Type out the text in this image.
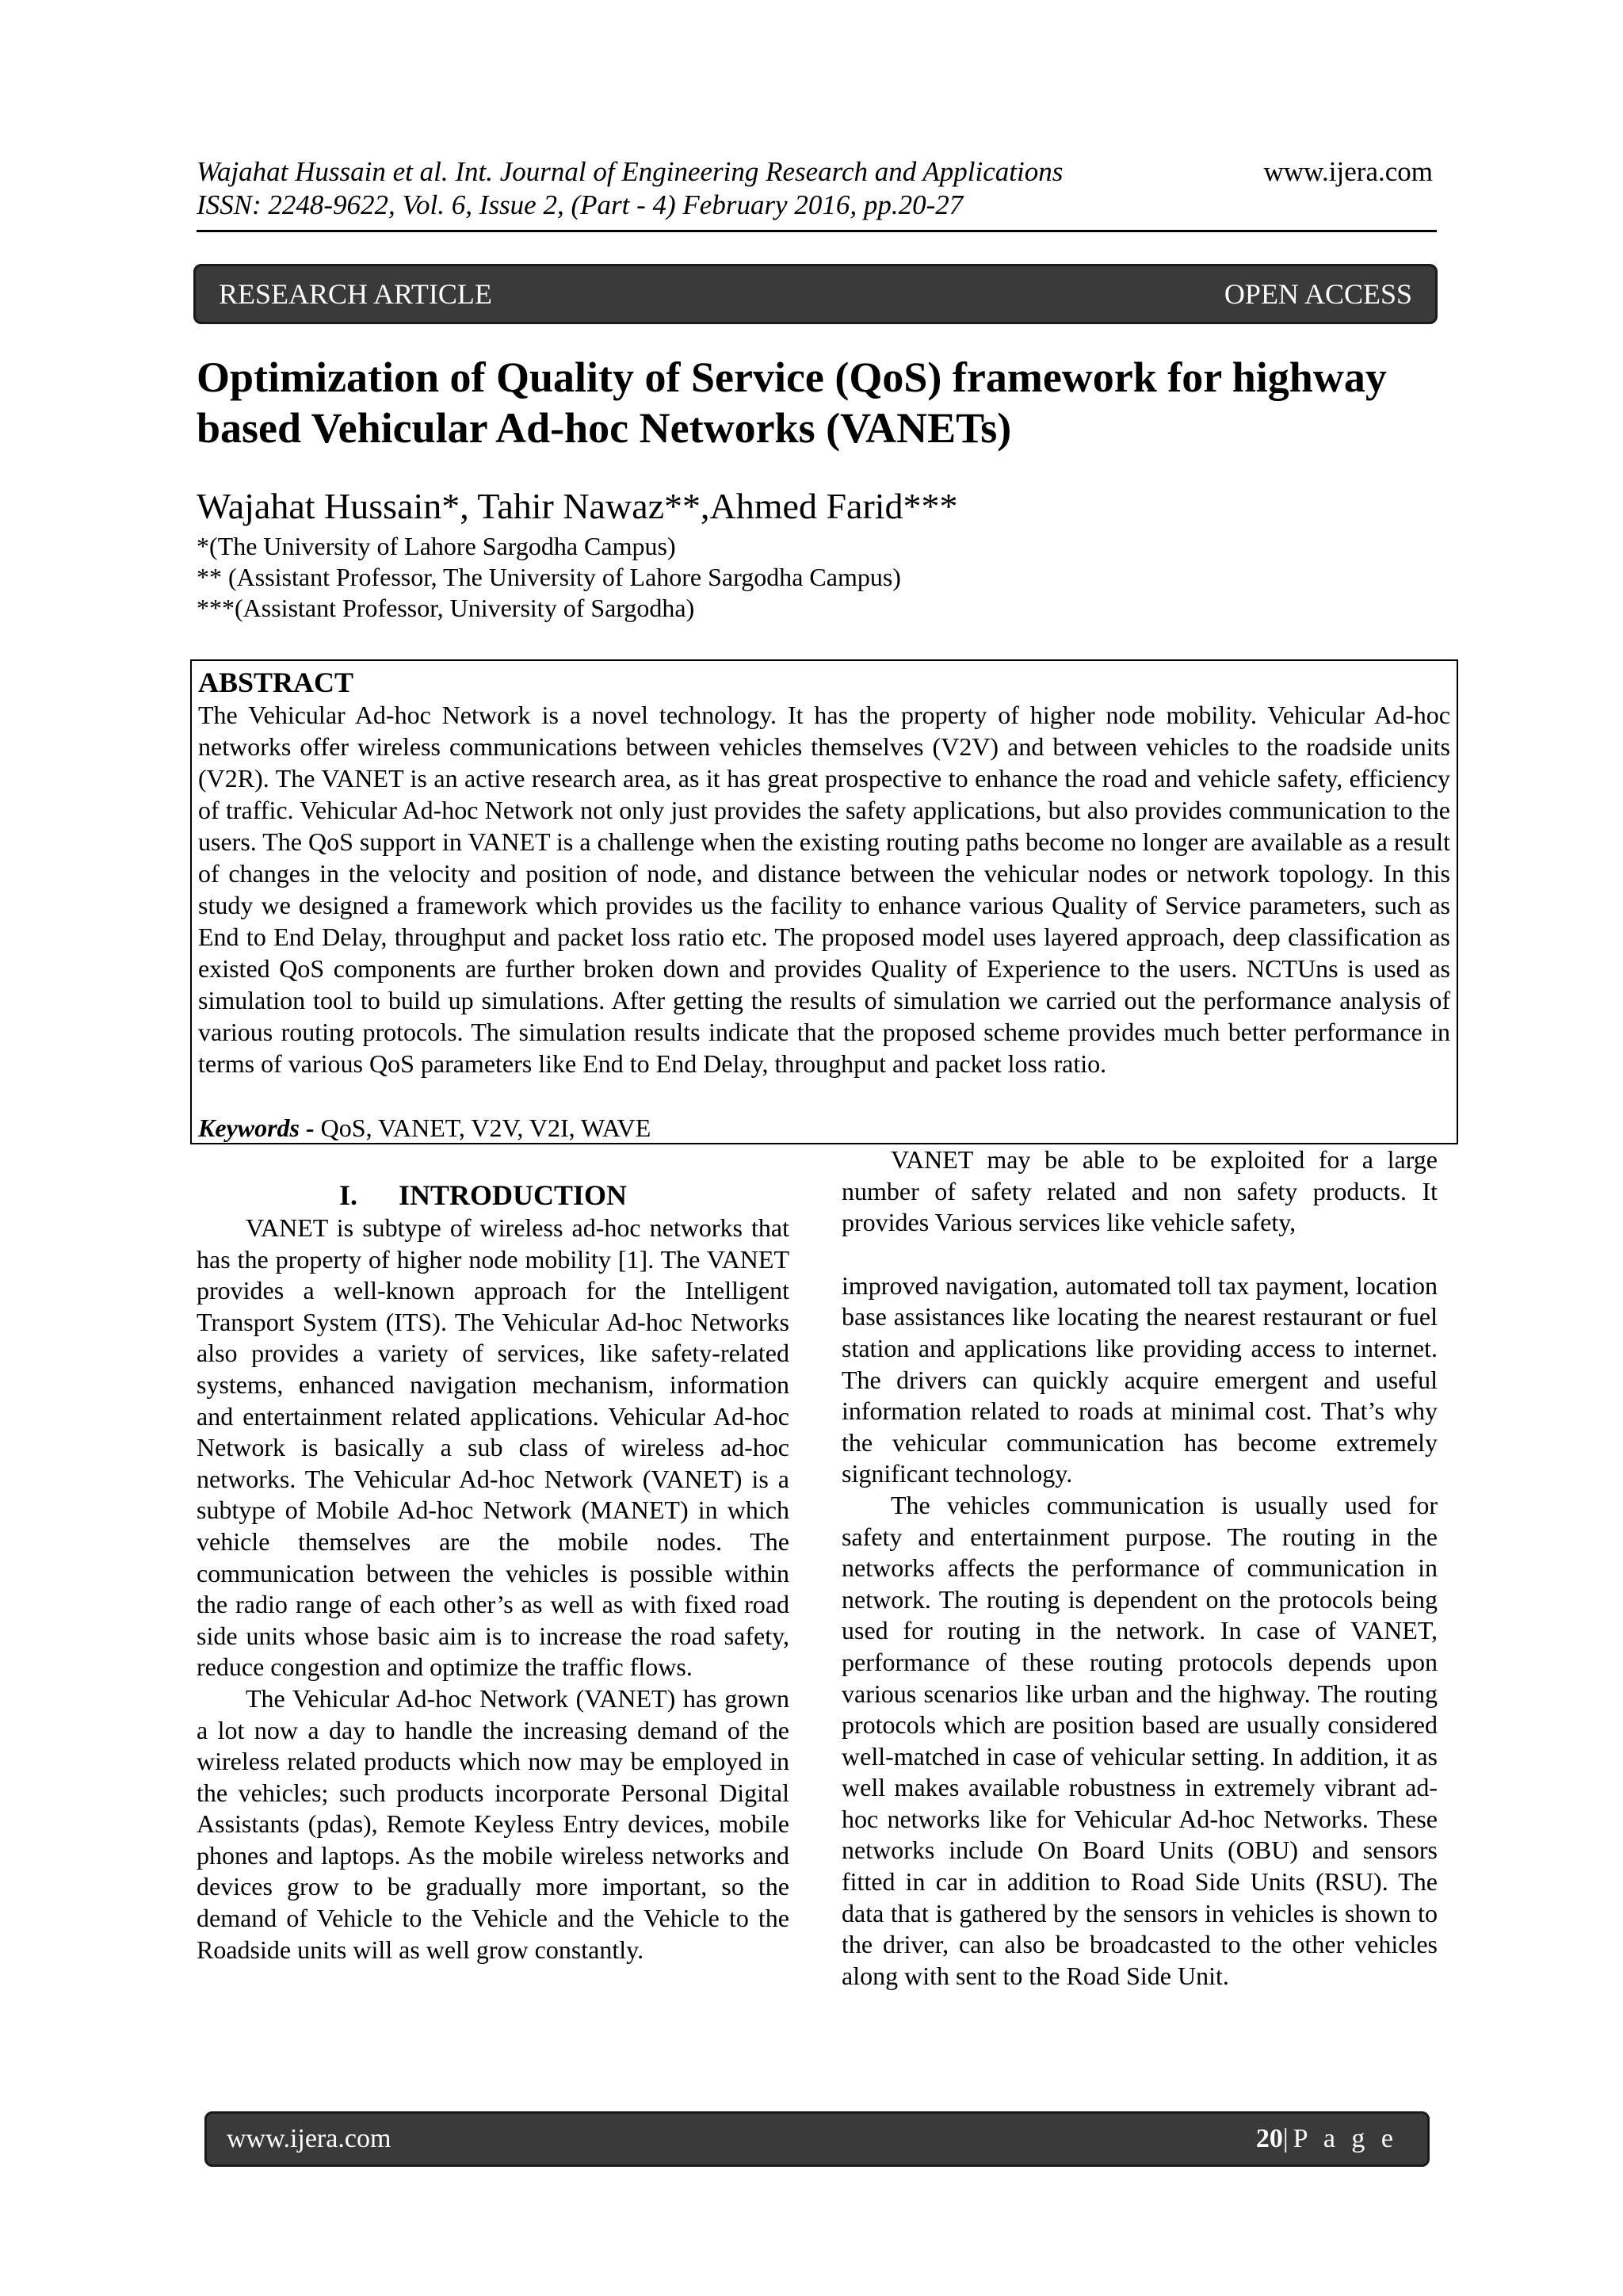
Wajahat Hussain et al. Int. Journal of Engineering Research and Applications
ISSN: 2248-9622, Vol. 6, Issue 2, (Part - 4) February 2016, pp.20-27
www.ijera.com
RESEARCH ARTICLE	OPEN ACCESS
Optimization of Quality of Service (QoS) framework for highway
based Vehicular Ad-hoc Networks (VANETs)
Wajahat Hussain*, Tahir Nawaz**,Ahmed Farid***
*(The University of Lahore Sargodha Campus)
** (Assistant Professor, The University of Lahore Sargodha Campus)
***(Assistant Professor, University of Sargodha)
ABSTRACT

The Vehicular Ad-hoc Network is a novel technology. It has the property of higher node mobility. Vehicular Ad-hoc networks offer wireless communications between vehicles themselves (V2V) and between vehicles to the roadside units (V2R). The VANET is an active research area, as it has great prospective to enhance the road and vehicle safety, efficiency of traffic. Vehicular Ad-hoc Network not only just provides the safety applications, but also provides communication to the users. The QoS support in VANET is a challenge when the existing routing paths become no longer are available as a result of changes in the velocity and position of node, and distance between the vehicular nodes or network topology. In this study we designed a framework which provides us the facility to enhance various Quality of Service parameters, such as End to End Delay, throughput and packet loss ratio etc. The proposed model uses layered approach, deep classification as existed QoS components are further broken down and provides Quality of Experience to the users. NCTUns is used as simulation tool to build up simulations. After getting the results of simulation we carried out the performance analysis of various routing protocols. The simulation results indicate that the proposed scheme provides much better performance in terms of various QoS parameters like End to End Delay, throughput and packet loss ratio.

Keywords - QoS, VANET, V2V, V2I, WAVE
I. INTRODUCTION

VANET is subtype of wireless ad-hoc networks that has the property of higher node mobility [1]. The VANET provides a well-known approach for the Intelligent Transport System (ITS). The Vehicular Ad-hoc Networks also provides a variety of services, like safety-related systems, enhanced navigation mechanism, information and entertainment related applications. Vehicular Ad-hoc Network is basically a sub class of wireless ad-hoc networks. The Vehicular Ad-hoc Network (VANET) is a subtype of Mobile Ad-hoc Network (MANET) in which vehicle themselves are the mobile nodes. The communication between the vehicles is possible within the radio range of each other’s as well as with fixed road side units whose basic aim is to increase the road safety, reduce congestion and optimize the traffic flows.

The Vehicular Ad-hoc Network (VANET) has grown a lot now a day to handle the increasing demand of the wireless related products which now may be employed in the vehicles; such products incorporate Personal Digital Assistants (pdas), Remote Keyless Entry devices, mobile phones and laptops. As the mobile wireless networks and devices grow to be gradually more important, so the demand of Vehicle to the Vehicle and the Vehicle to the Roadside units will as well grow constantly.

VANET may be able to be exploited for a large number of safety related and non safety products. It provides Various services like vehicle safety,

improved navigation, automated toll tax payment, location base assistances like locating the nearest restaurant or fuel station and applications like providing access to internet. The drivers can quickly acquire emergent and useful information related to roads at minimal cost. That’s why the vehicular communication has become extremely significant technology.

The vehicles communication is usually used for safety and entertainment purpose. The routing in the networks affects the performance of communication in network. The routing is dependent on the protocols being used for routing in the network. In case of VANET, performance of these routing protocols depends upon various scenarios like urban and the highway. The routing protocols which are position based are usually considered well-matched in case of vehicular setting. In addition, it as well makes available robustness in extremely vibrant ad-hoc networks like for Vehicular Ad-hoc Networks. These networks include On Board Units (OBU) and sensors fitted in car in addition to Road Side Units (RSU). The data that is gathered by the sensors in vehicles is shown to the driver, can also be broadcasted to the other vehicles along with sent to the Road Side Unit.

www.ijera.com	20|P a g e
